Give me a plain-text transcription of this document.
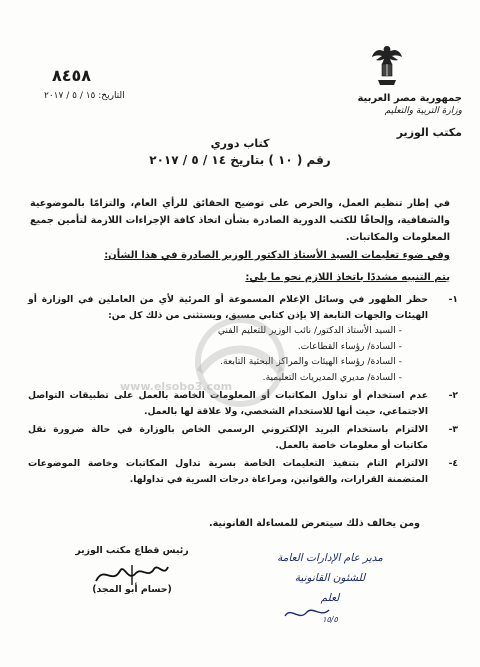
جمهورية مصر العربية
وزارة التربية والتعليم
مكتب الوزير
٨٤٥٨
التاريخ: ١٥ / ٥ / ٢٠١٧
كتاب دوري
رقم ( ١٠ ) بتاريخ ١٤ / ٥ / ٢٠١٧
في إطار تنظيم العمل، والحرص على توضيح الحقائق للرأي العام، والتزامًا بالموضوعية والشفافية، وإلحاقًا للكتب الدورية الصادرة بشأن اتخاذ كافة الإجراءات اللازمة لتأمين جميع المعلومات والمكاتبات.
وفي ضوء تعليمات السيد الأستاذ الدكتور الوزير الصادرة في هذا الشأن:
يتم التنبيه مشددًا باتخاذ اللازم نحو ما يلي:
١-
حظر الظهور في وسائل الإعلام المسموعة أو المرئية لأي من العاملين في الوزارة أو الهيئات والجهات التابعة إلا بإذن كتابي مسبق، ويستثنى من ذلك كل من:
- السيد الأستاذ الدكتور/ نائب الوزير للتعليم الفني
- السادة/ رؤساء القطاعات.
- السادة/ رؤساء الهيئات والمراكز البحثية التابعة.
- السادة/ مديري المديريات التعليمية.
٢-
عدم استخدام أو تداول المكاتبات أو المعلومات الخاصة بالعمل على تطبيقات التواصل الاجتماعي، حيث أنها للاستخدام الشخصي، ولا علاقة لها بالعمل.
٣-
الالتزام باستخدام البريد الإلكتروني الرسمي الخاص بالوزارة في حالة ضرورة نقل مكاتبات أو معلومات خاصة بالعمل.
٤-
الالتزام التام بتنفيذ التعليمات الخاصة بسرية تداول المكاتبات وخاصة الموضوعات المتضمنة القرارات، والقوانين، ومراعاة درجات السرية في تداولها.
ومن يخالف ذلك سيتعرض للمساءلة القانونية.
رئيس قطاع مكتب الوزير
(حسام أبو المجد)
مدير عام الإدارات العامة
للشئون القانونية
لعلم
١٥/٥
www.elsobo3.com
